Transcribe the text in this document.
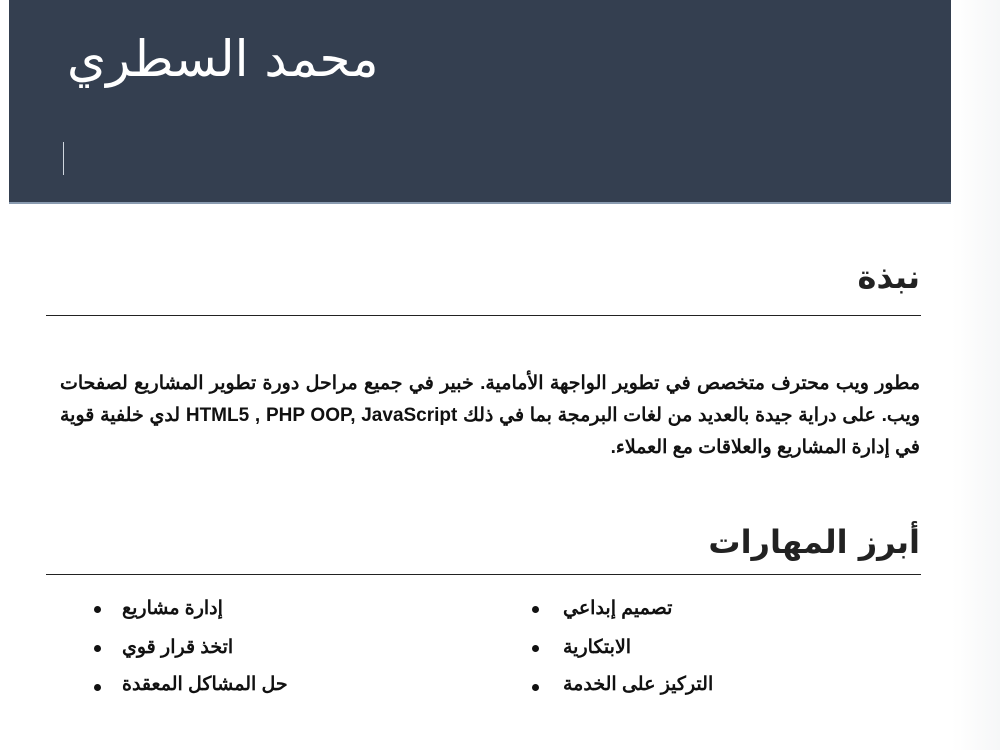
محمد السطري
نبذة
مطور ويب محترف متخصص في تطوير الواجهة الأمامية. خبير في جميع مراحل دورة تطوير المشاريع لصفحات ويب. على دراية جيدة بالعديد من لغات البرمجة بما في ذلك HTML5 , PHP OOP, JavaScript لدي خلفية قوية في إدارة المشاريع والعلاقات مع العملاء.
أبرز المهارات
تصميم إبداعي
الابتكارية
التركيز على الخدمة
إدارة مشاريع
اتخذ قرار قوي
حل المشاكل المعقدة
